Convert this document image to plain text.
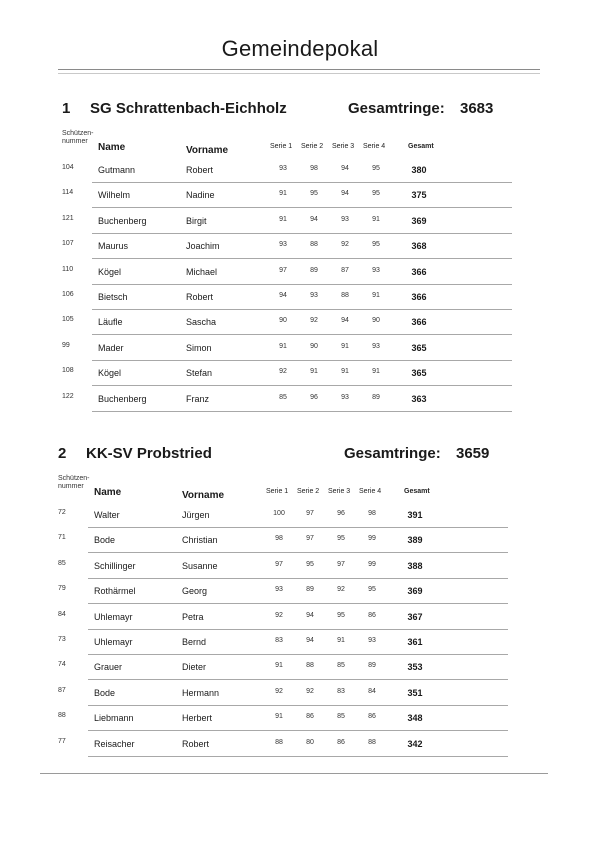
Gemeindepokal
1 SG Schrattenbach-Eichholz	Gesamtringe: 3683
Schützen-
nummer
Name	Vorname	Serie 1 Serie 2 Serie 3 Serie 4	Gesamt
104	Gutmann	Robert	93	98	94	95	380
114	Wilhelm	Nadine	91	95	94	95	375
121	Buchenberg	Birgit	91	94	93	91	369
107	Maurus	Joachim	93	88	92	95	368
110	Kögel	Michael	97	89	87	93	366
106	Bietsch	Robert	94	93	88	91	366
105	Läufle	Sascha	90	92	94	90	366
99	Mader	Simon	91	90	91	93	365
108	Kögel	Stefan	92	91	91	91	365
122	Buchenberg	Franz	85	96	93	89	363
2 KK-SV Probstried	Gesamtringe: 3659
Schützen-
nummer
Name	Vorname	Serie 1 Serie 2 Serie 3 Serie 4	Gesamt
72	Walter	Jürgen	100	97	96	98	391
71	Bode	Christian	98	97	95	99	389
85	Schillinger	Susanne	97	95	97	99	388
79	Rothärmel	Georg	93	89	92	95	369
84	Uhlemayr	Petra	92	94	95	86	367
73	Uhlemayr	Bernd	83	94	91	93	361
74	Grauer	Dieter	91	88	85	89	353
87	Bode	Hermann	92	92	83	84	351
88	Liebmann	Herbert	91	86	85	86	348
77	Reisacher	Robert	88	80	86	88	342
